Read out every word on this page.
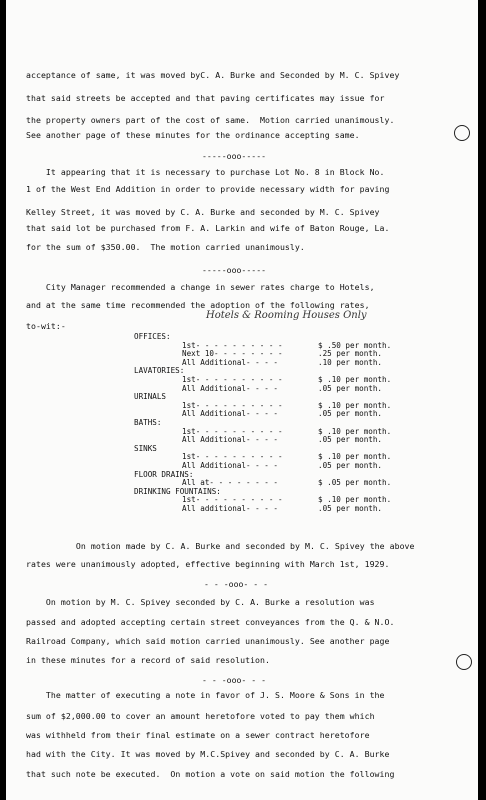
acceptance of same, it was moved byC. A. Burke and Seconded by M. C. Spivey
that said streets be accepted and that paving certificates may issue for
the property owners part of the cost of same.  Motion carried unanimously.
See another page of these minutes for the ordinance accepting same.
-----ooo-----
It appearing that it is necessary to purchase Lot No. 8 in Block No.
1 of the West End Addition in order to provide necessary width for paving
Kelley Street, it was moved by C. A. Burke and seconded by M. C. Spivey
that said lot be purchased from F. A. Larkin and wife of Baton Rouge, La.
for the sum of $350.00.  The motion carried unanimously.
-----ooo-----
City Manager recommended a change in sewer rates charge to Hotels,
and at the same time recommended the adoption of the following rates,
Hotels & Rooming Houses Only
to-wit:-
On motion made by C. A. Burke and seconded by M. C. Spivey the above
rates were unanimously adopted, effective beginning with March 1st, 1929.
- - -ooo- - -
On motion by M. C. Spivey seconded by C. A. Burke a resolution was
passed and adopted accepting certain street conveyances from the Q. & N.O.
Railroad Company, which said motion carried unanimously. See another page
in these minutes for a record of said resolution.
- - -ooo- - -
The matter of executing a note in favor of J. S. Moore & Sons in the
sum of $2,000.00 to cover an amount heretofore voted to pay them which
was withheld from their final estimate on a sewer contract heretofore
had with the City. It was moved by M.C.Spivey and seconded by C. A. Burke
that such note be executed.  On motion a vote on said motion the following
OFFICES:
1st- - - - - - - - - -	$ .50 per month.
Next 10- - - - - - - -	.25 per month.
All Additional- - - -	.10 per month.
LAVATORIES:
1st- - - - - - - - - -	$ .10 per month.
All Additional- - - -	.05 per month.
URINALS
1st- - - - - - - - - -	$ .10 per month.
All Additional- - - -	.05 per month.
BATHS:
1st- - - - - - - - - -	$ .10 per month.
All Additional- - - -	.05 per month.
SINKS
1st- - - - - - - - - -	$ .10 per month.
All Additional- - - -	.05 per month.
FLOOR DRAINS:
All at- - - - - - - -	$ .05 per month.
DRINKING FOUNTAINS:
1st- - - - - - - - - -	$ .10 per month.
All additional- - - -	.05 per month.
